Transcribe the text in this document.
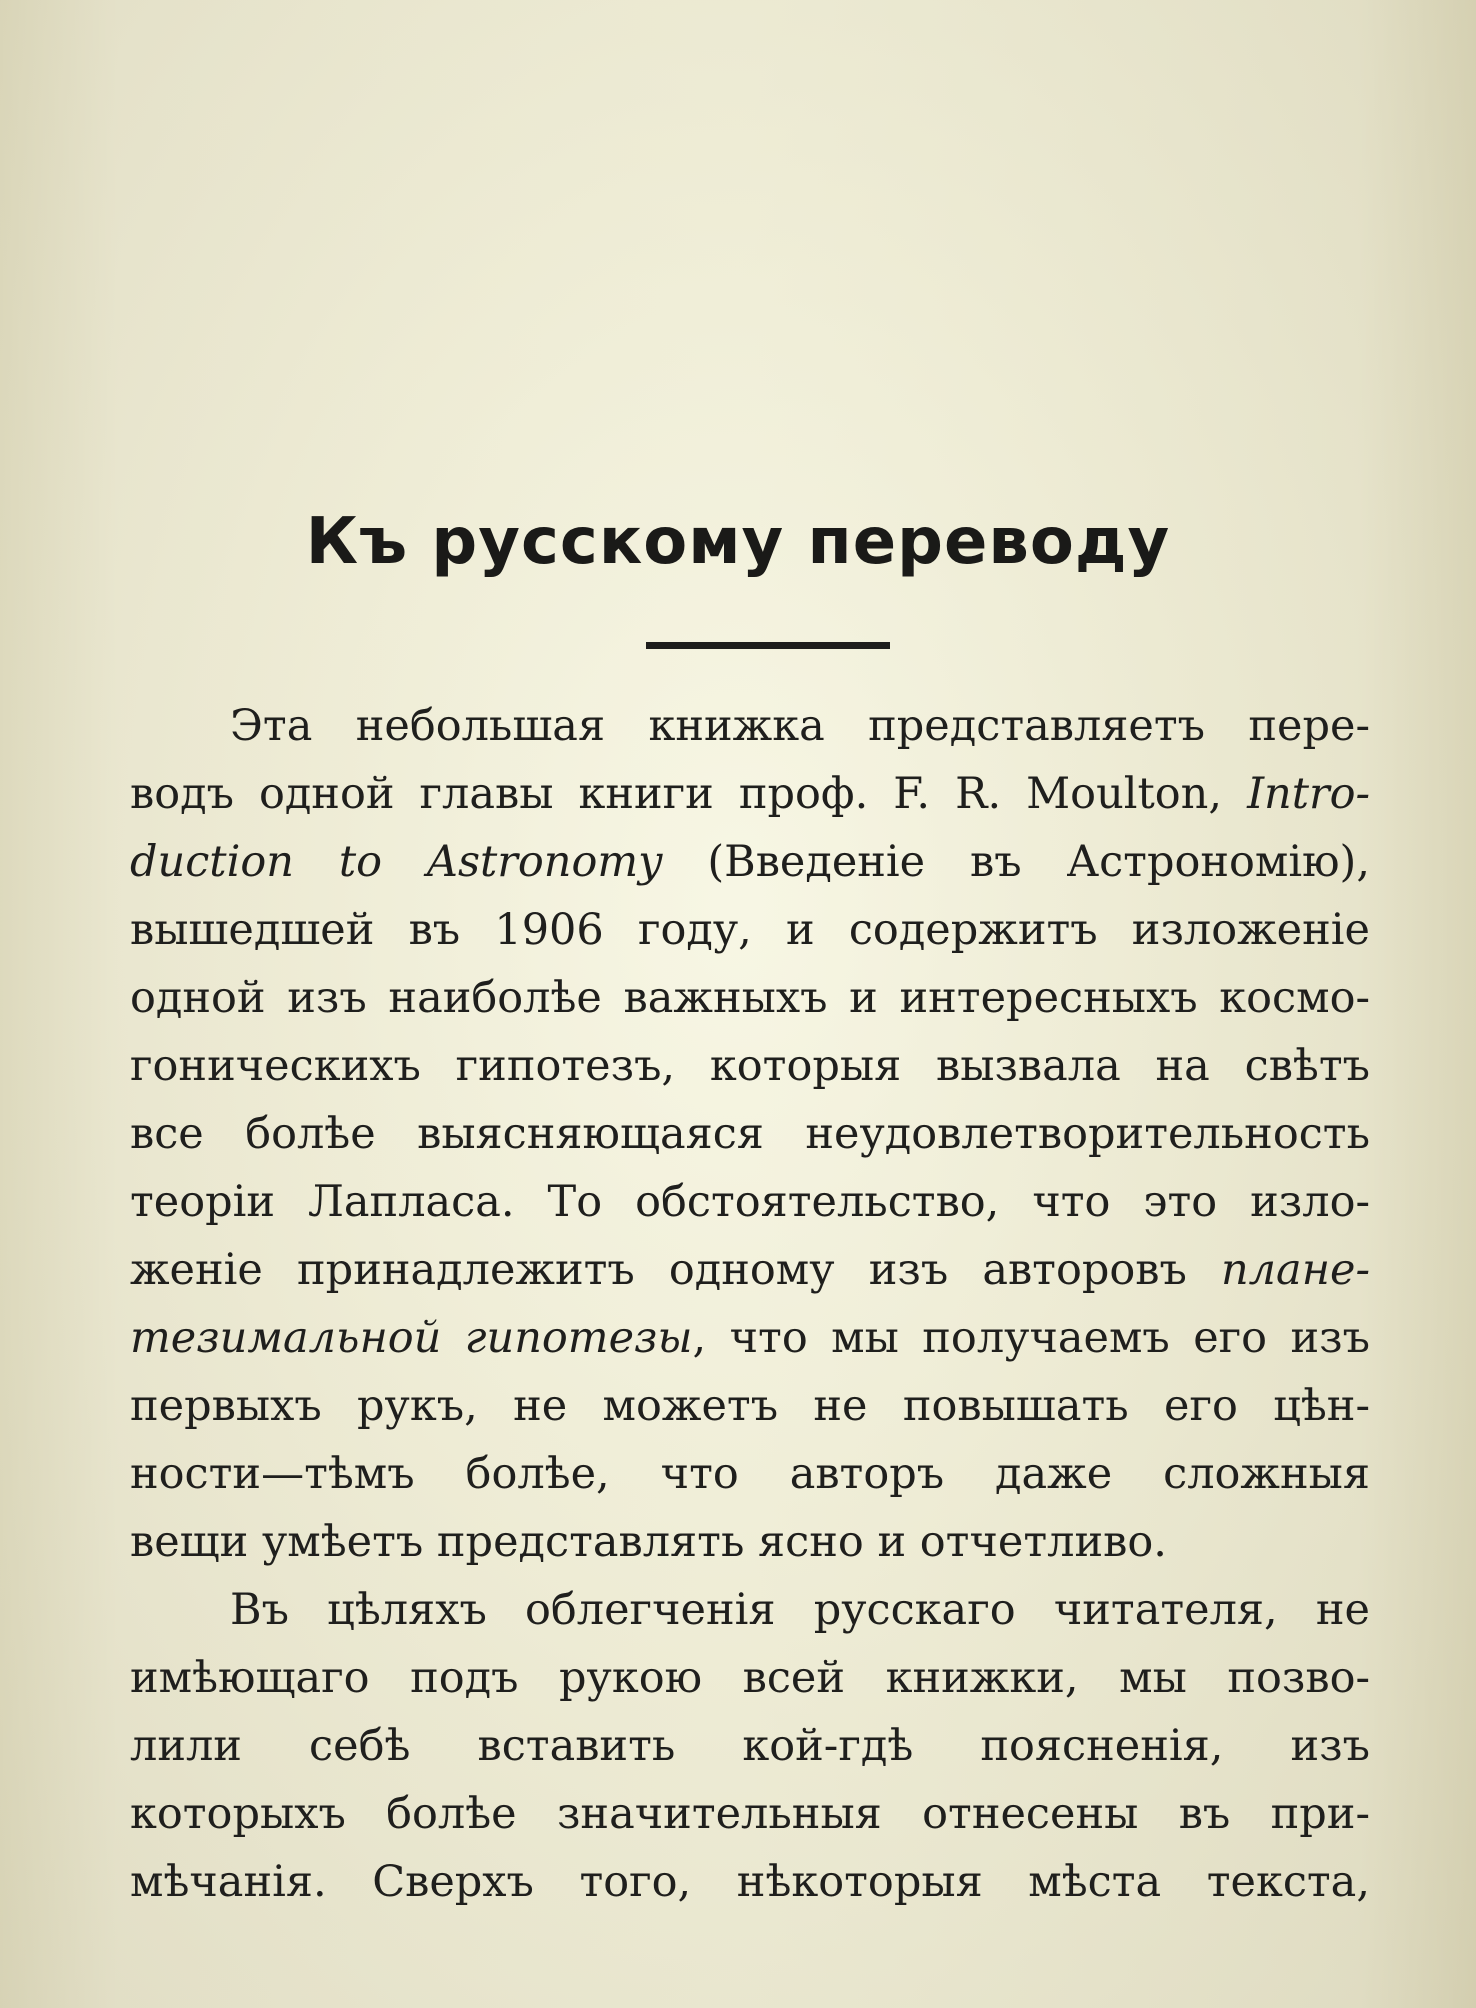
Къ русскому переводу
Эта небольшая книжка представляетъ пере-
водъ одной главы книги проф. F. R. Moulton, Intro-
duction to Astronomy (Введеніе въ Астрономію),
вышедшей въ 1906 году, и содержитъ изложеніе
одной изъ наиболѣе важныхъ и интересныхъ космо-
гоническихъ гипотезъ, которыя вызвала на свѣтъ
все болѣе выясняющаяся неудовлетворительность
теоріи Лапласа. То обстоятельство, что это изло-
женіе принадлежитъ одному изъ авторовъ плане-
тезимальной гипотезы, что мы получаемъ его изъ
первыхъ рукъ, не можетъ не повышать его цѣн-
ности—тѣмъ болѣе, что авторъ даже сложныя
вещи умѣетъ представлять ясно и отчетливо.
Въ цѣляхъ облегченія русскаго читателя, не
имѣющаго подъ рукою всей книжки, мы позво-
лили себѣ вставить кой-гдѣ поясненія, изъ
которыхъ болѣе значительныя отнесены въ при-
мѣчанія. Сверхъ того, нѣкоторыя мѣста текста,
